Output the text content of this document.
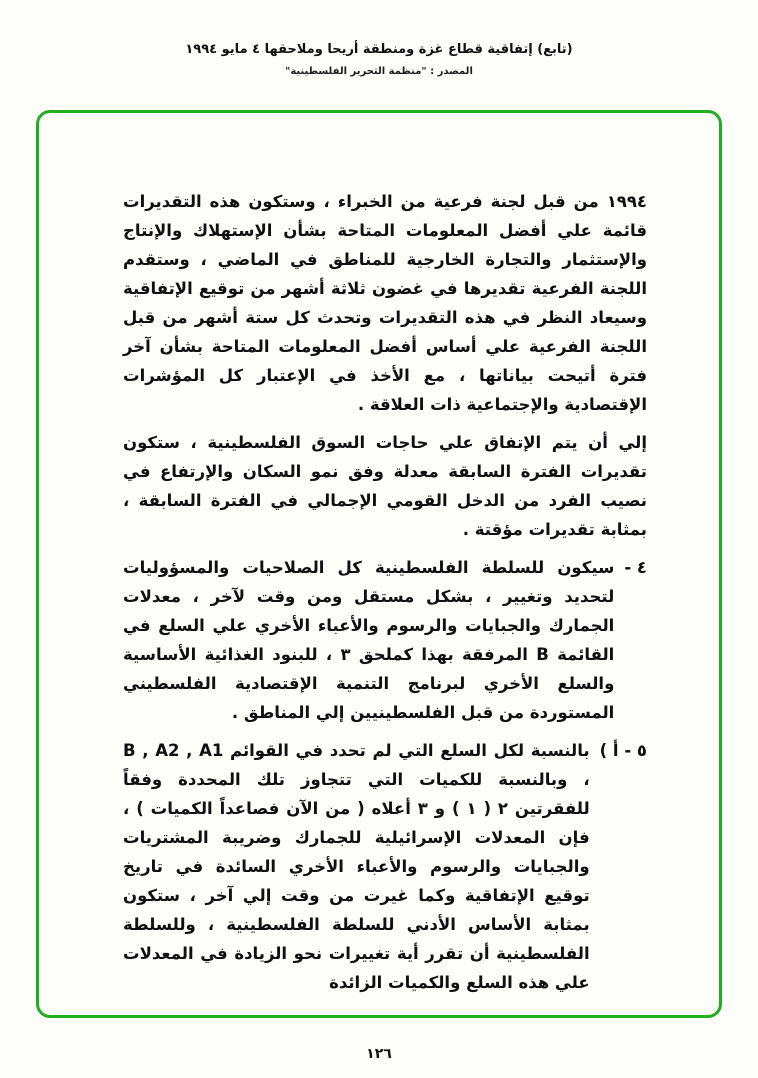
(تابع) إتفاقية قطاع غزة ومنطقة أريحا وملاحقها ٤ مايو ١٩٩٤
المصدر : "منظمة التحرير الفلسطينية"

١٩٩٤ من قبل لجنة فرعية من الخبراء ، وستكون هذه التقديرات قائمة علي أفضل المعلومات المتاحة بشأن الإستهلاك والإنتاج والإستثمار والتجارة الخارجية للمناطق في الماضي ، وستقدم اللجنة الفرعية تقديرها في غضون ثلاثة أشهر من توقيع الإتفاقية وسيعاد النظر في هذه التقديرات وتحدث كل ستة أشهر من قبل اللجنة الفرعية علي أساس أفضل المعلومات المتاحة بشأن آخر فترة أتيحت بياناتها ، مع الأخذ في الإعتبار كل المؤشرات الإقتصادية والإجتماعية ذات العلاقة .

إلي أن يتم الإتفاق علي حاجات السوق الفلسطينية ، ستكون تقديرات الفترة السابقة معدلة وفق نمو السكان والإرتفاع في نصيب الفرد من الدخل القومي الإجمالي في الفترة السابقة ، بمثابة تقديرات مؤقتة .

٤ -
سيكون للسلطة الفلسطينية كل الصلاحيات والمسؤوليات لتحديد وتغيير ، بشكل مستقل ومن وقت لآخر ، معدلات الجمارك والجبايات والرسوم والأعباء الأخري علي السلع في القائمة B المرفقة بهذا كملحق ٣ ، للبنود الغذائية الأساسية والسلع الأخري لبرنامج التنمية الإقتصادية الفلسطيني المستوردة من قبل الفلسطينيين إلي المناطق .
٥ - أ )
بالنسبة لكل السلع التي لم تحدد في القوائم B , A2 , A1 ، وبالنسبة للكميات التي تتجاوز تلك المحددة وفقاً للفقرتين ٢ ( ١ ) و ٣ أعلاه ( من الآن فصاعداً الكميات ) ، فإن المعدلات الإسرائيلية للجمارك وضريبة المشتريات والجبايات والرسوم والأعباء الأخري السائدة في تاريخ توقيع الإتفاقية وكما غيرت من وقت إلي آخر ، ستكون بمثابة الأساس الأدني للسلطة الفلسطينية ، وللسلطة الفلسطينية أن تقرر أية تغييرات نحو الزيادة في المعدلات علي هذه السلع والكميات الزائدة
١٢٦
